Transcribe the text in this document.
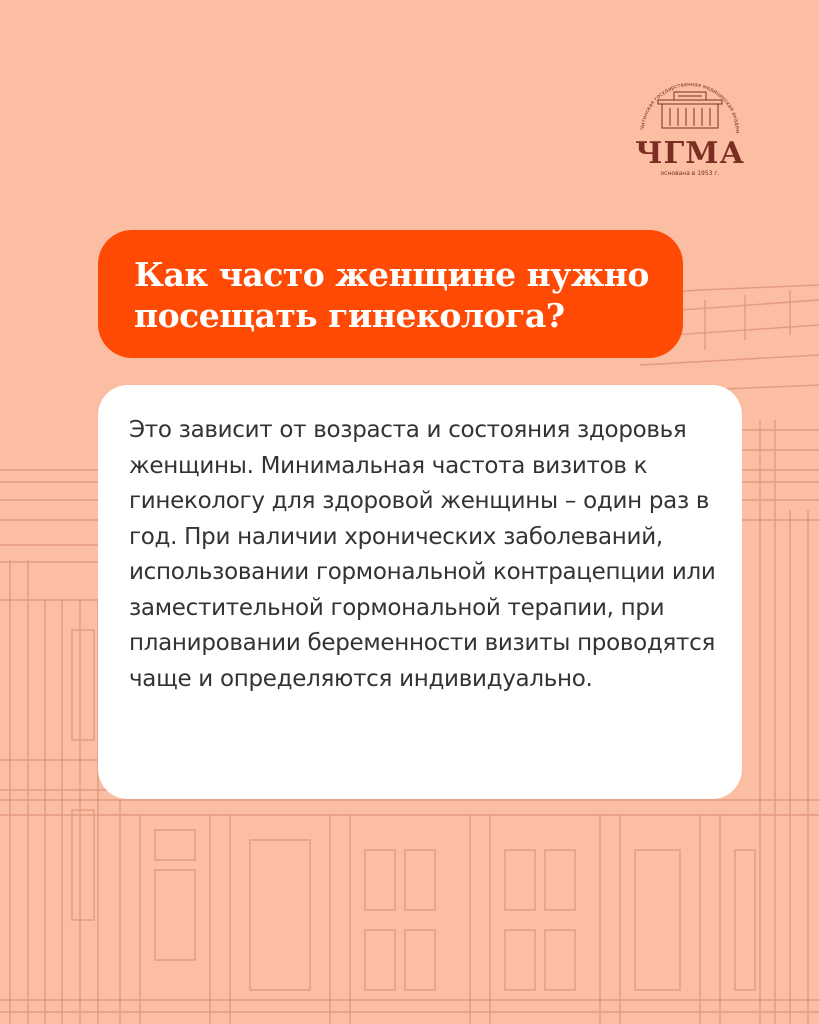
Читинская государственная медицинская академ
ЧГМА
основана в 1953 г.
Как часто женщине нужно посещать гинеколога?

Это зависит от возраста и состояния здоровья женщины. Минимальная частота визитов к гинекологу для здоровой женщины – один раз в год. При наличии хронических заболеваний, использовании гормональной контрацепции или заместительной гормональной терапии, при планировании беременности визиты проводятся чаще и определяются индивидуально.
